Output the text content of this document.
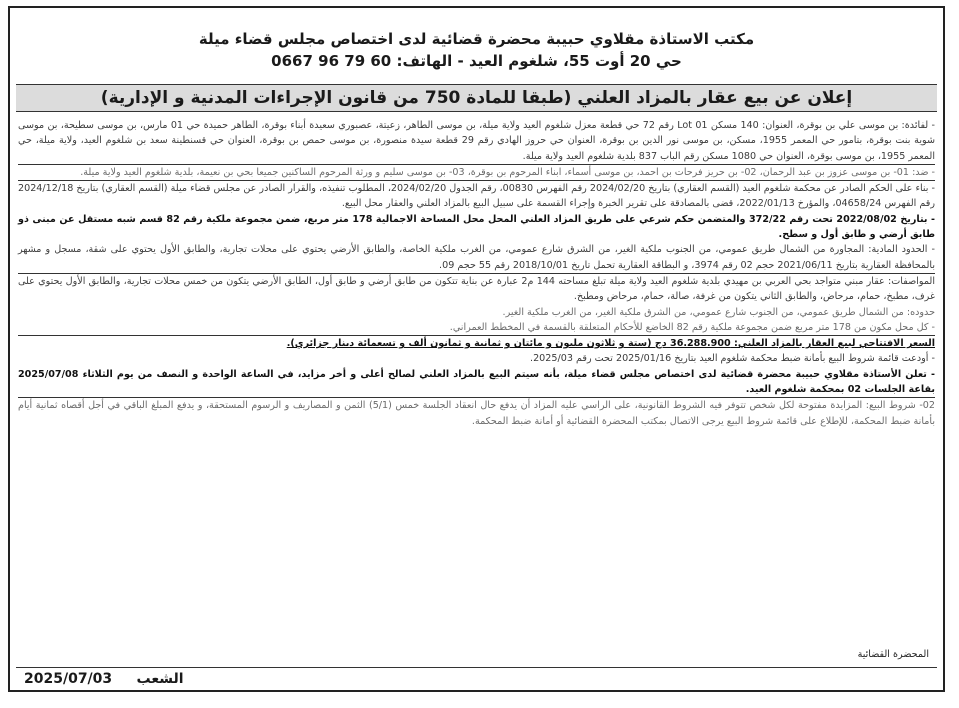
مكتب الاستاذة مقلاوي حبيبة محضرة قضائية لدى اختصاص مجلس قضاء ميلة
حي 20 أوت 55، شلغوم العيد - الهاتف: 60 79 96 0667
إعلان عن بيع عقار بالمزاد العلني (طبقا للمادة 750 من قانون الإجراءات المدنية و الإدارية)

- لفائدة: بن موسى علي بن بوقرة، العنوان: 140 مسكن Lot 01 رقم 72 حي قطعة معزل شلغوم العيد ولاية ميلة، بن موسى الطاهر، زعيتة، عصبوري سعيدة أبناء بوقرة، الطاهر حميدة حي 01 مارس، بن موسى سطيحة، بن موسى شوية بنت بوقرة، بتامور حي المعمر 1955، مسكن، بن موسى نور الدين بن بوقرة، العنوان حي حروز الهادي رقم 29 قطعة سيدة منصورة، بن موسى حمص بن بوقرة، العنوان حي قسنطينة سعد بن شلغوم العيد، ولاية ميلة، حي المعمر 1955، بن موسى بوقرة، العنوان حي 1080 مسكن رقم الباب 837 بلدية شلغوم العيد ولاية ميلة.

- ضد: 01- بن موسى عزوز بن عبد الرحمان، 02- بن حريز فرحات بن احمد، بن موسى أسماء، ابناء المرحوم بن بوقرة، 03- بن موسى سليم و ورثة المرحوم الساكنين جميعا بحي بن نعيمة، بلدية شلغوم العيد ولاية ميلة.

- بناء على الحكم الصادر عن محكمة شلغوم العيد (القسم العقاري) بتاريخ 2024/02/20 رقم الفهرس 00830، رقم الجدول 2024/02/20، المطلوب تنفيذه، والقرار الصادر عن مجلس قضاء ميلة (القسم العقاري) بتاريخ 2024/12/18 رقم الفهرس 04658/24، والمؤرخ 2022/01/13، قضى بالمصادقة على تقرير الخبرة وإجراء القسمة على سبيل البيع بالمزاد العلني والعقار محل البيع.

- بتاريخ 2022/08/02 تحت رقم 372/22 والمتضمن حكم شرعي على طريق المزاد العلني المحل محل المساحة الاجمالية 178 متر مربع، ضمن مجموعة ملكية رقم 82 قسم شبه مستقل عن مبنى ذو طابق أرضي و طابق أول و سطح.

- الحدود المادية: المجاورة من الشمال طريق عمومي، من الجنوب ملكية الغير، من الشرق شارع عمومي، من الغرب ملكية الخاصة، والطابق الأرضي يحتوي على محلات تجارية، والطابق الأول يحتوي على شقة، مسجل و مشهر بالمحافظة العقارية بتاريخ 2021/06/11 حجم 02 رقم 3974، و البطاقة العقارية تحمل تاريخ 2018/10/01 رقم 55 حجم 09.

المواصفات: عقار مبني متواجد بحي العربي بن مهيدي بلدية شلغوم العيد ولاية ميلة تبلغ مساحته 144 م2 عبارة عن بناية تتكون من طابق أرضي و طابق أول، الطابق الأرضي يتكون من خمس محلات تجارية، والطابق الأول يحتوي على غرف، مطبخ، حمام، مرحاض، والطابق الثاني يتكون من غرفة، صالة، حمام، مرحاض ومطبخ.

حدوده: من الشمال طريق عمومي، من الجنوب شارع عمومي، من الشرق ملكية الغير، من الغرب ملكية الغير.

- كل محل مكون من 178 متر مربع ضمن مجموعة ملكية رقم 82 الخاضع للأحكام المتعلقة بالقسمة في المخطط العمراني.

السعر الافتتاحي لبيع العقار بالمزاد العلني: 36.288.900 دج (ستة و ثلاثون مليون و مائتان و ثمانية و ثمانون ألف و تسعمائة دينار جزائري).

- أودعت قائمة شروط البيع بأمانة ضبط محكمة شلغوم العيد بتاريخ 2025/01/16 تحت رقم 2025/03.

- تعلن الأستاذة مقلاوي حبيبة محضرة قضائية لدى اختصاص مجلس قضاء ميلة، بأنه سيتم البيع بالمزاد العلني لصالح أعلى و أخر مزايد، في الساعة الواحدة و النصف من يوم الثلاثاء 2025/07/08 بقاعة الجلسات 02 بمحكمة شلغوم العيد.

02- شروط البيع: المزايدة مفتوحة لكل شخص تتوفر فيه الشروط القانونية، على الراسي عليه المزاد أن يدفع حال انعقاد الجلسة خمس (5/1) الثمن و المصاريف و الرسوم المستحقة، و يدفع المبلغ الباقي في أجل أقصاه ثمانية أيام بأمانة ضبط المحكمة، للإطلاع على قائمة شروط البيع يرجى الاتصال بمكتب المحضرة القضائية أو أمانة ضبط المحكمة.

المحضرة القضائية
2025/07/03 الشعب
